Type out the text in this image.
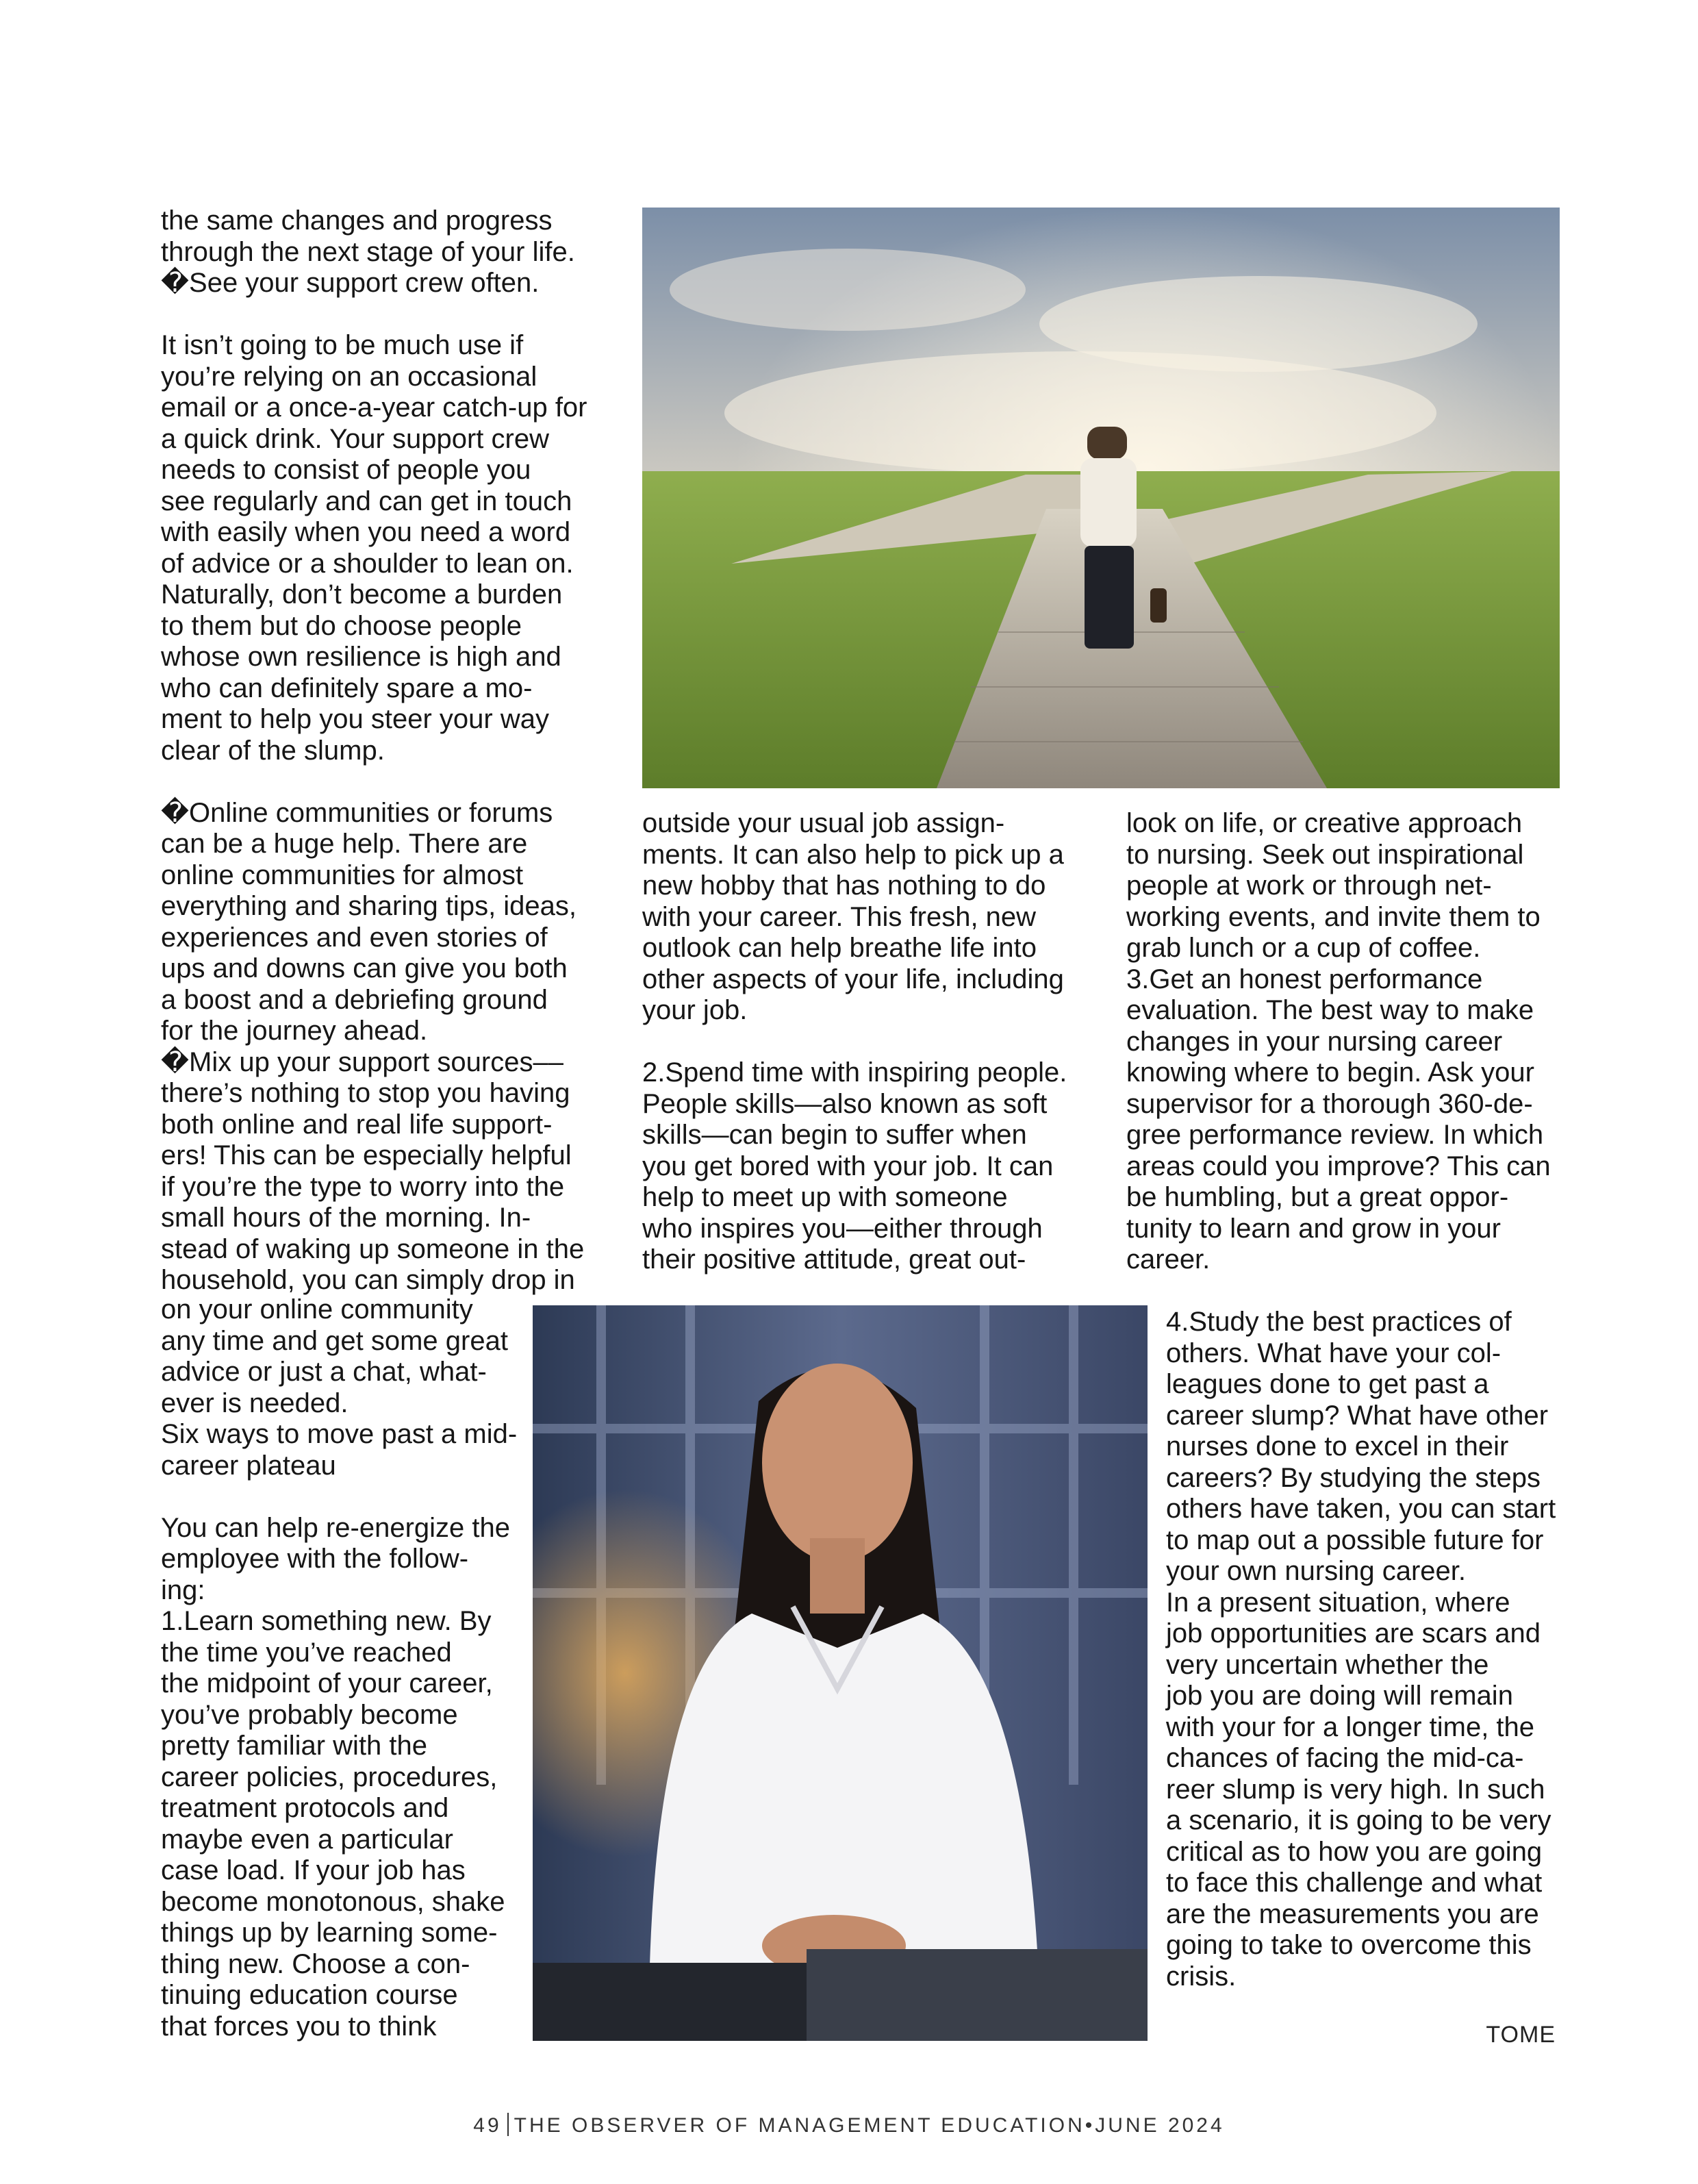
the same changes and progress
through the next stage of your life.
�See your support crew often.

It isn’t going to be much use if
you’re relying on an occasional
email or a once-a-year catch-up for
a quick drink. Your support crew
needs to consist of people you
see regularly and can get in touch
with easily when you need a word
of advice or a shoulder to lean on.
Naturally, don’t become a burden
to them but do choose people
whose own resilience is high and
who can definitely spare a mo-
ment to help you steer your way
clear of the slump.

�Online communities or forums
can be a huge help. There are
online communities for almost
everything and sharing tips, ideas,
experiences and even stories of
ups and downs can give you both
a boost and a debriefing ground
for the journey ahead.
�Mix up your support sources––
there’s nothing to stop you having
both online and real life support-
ers! This can be especially helpful
if you’re the type to worry into the
small hours of the morning. In-
stead of waking up someone in the
household, you can simply drop in

on your online community
any time and get some great
advice or just a chat, what-
ever is needed.
Six ways to move past a mid-
career plateau

You can help re-energize the
employee with the follow-
ing:
1.Learn something new. By
the time you’ve reached
the midpoint of your career,
you’ve probably become
pretty familiar with the
career policies, procedures,
treatment protocols and
maybe even a particular
case load. If your job has
become monotonous, shake
things up by learning some-
thing new. Choose a con-
tinuing education course
that forces you to think

outside your usual job assign-
ments. It can also help to pick up a
new hobby that has nothing to do
with your career. This fresh, new
outlook can help breathe life into
other aspects of your life, including
your job.

2.Spend time with inspiring people.
People skills—also known as soft
skills—can begin to suffer when
you get bored with your job. It can
help to meet up with someone
who inspires you—either through
their positive attitude, great out-

look on life, or creative approach
to nursing. Seek out inspirational
people at work or through net-
working events, and invite them to
grab lunch or a cup of coffee.
3.Get an honest performance
evaluation. The best way to make
changes in your nursing career
knowing where to begin. Ask your
supervisor for a thorough 360-de-
gree performance review. In which
areas could you improve? This can
be humbling, but a great oppor-
tunity to learn and grow in your
career.

4.Study the best practices of
others. What have your col-
leagues done to get past a
career slump? What have other
nurses done to excel in their
careers? By studying the steps
others have taken, you can start
to map out a possible future for
your own nursing career.
In a present situation, where
job opportunities are scars and
very uncertain whether the
job you are doing will remain
with your for a longer time, the
chances of facing the mid-ca-
reer slump is very high. In such
a scenario, it is going to be very
critical as to how you are going
to face this challenge and what
are the measurements you are
going to take to overcome this
crisis.

TOME
49 THE OBSERVER OF MANAGEMENT EDUCATION•JUNE 2024
